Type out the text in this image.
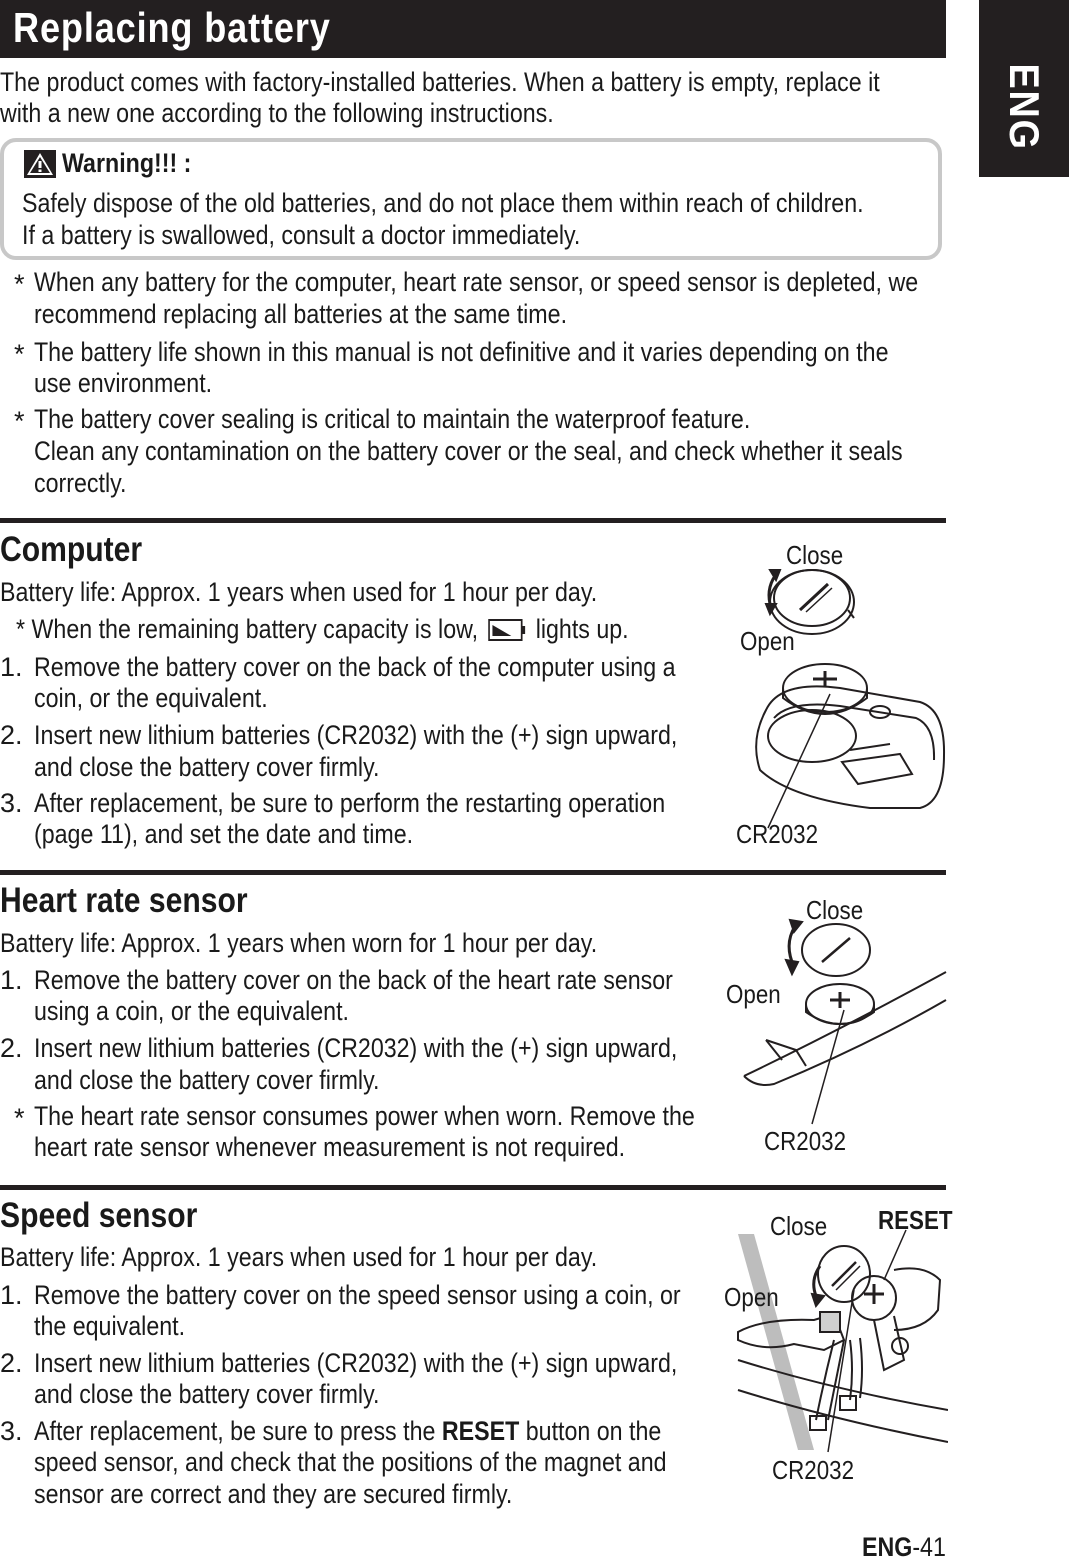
Replacing battery
ENG
The product comes with factory-installed batteries. When a battery is empty, replace it
with a new one according to the following instructions.
Warning!!! :
Safely dispose of the old batteries, and do not place them within reach of children.
If a battery is swallowed, consult a doctor immediately.
* When any battery for the computer, heart rate sensor, or speed sensor is depleted, we
recommend replacing all batteries at the same time.
* The battery life shown in this manual is not definitive and it varies depending on the
use environment.
* The battery cover sealing is critical to maintain the waterproof feature.
Clean any contamination on the battery cover or the seal, and check whether it seals
correctly.
Computer
Battery life: Approx. 1 years when used for 1 hour per day.
* When the remaining battery capacity is low, lights up.
1. Remove the battery cover on the back of the computer using a
coin, or the equivalent.
2. Insert new lithium batteries (CR2032) with the (+) sign upward,
and close the battery cover firmly.
3. After replacement, be sure to perform the restarting operation
(page 11), and set the date and time.
Close
Open
CR2032
Heart rate sensor
Battery life: Approx. 1 years when worn for 1 hour per day.
1. Remove the battery cover on the back of the heart rate sensor
using a coin, or the equivalent.
2. Insert new lithium batteries (CR2032) with the (+) sign upward,
and close the battery cover firmly.
* The heart rate sensor consumes power when worn. Remove the
heart rate sensor whenever measurement is not required.
Close
Open
CR2032
Speed sensor
Battery life: Approx. 1 years when used for 1 hour per day.
1. Remove the battery cover on the speed sensor using a coin, or
the equivalent.
2. Insert new lithium batteries (CR2032) with the (+) sign upward,
and close the battery cover firmly.
3. After replacement, be sure to press the RESET button on the
speed sensor, and check that the positions of the magnet and
sensor are correct and they are secured firmly.
Close RESET
Open
CR2032
ENG-41
